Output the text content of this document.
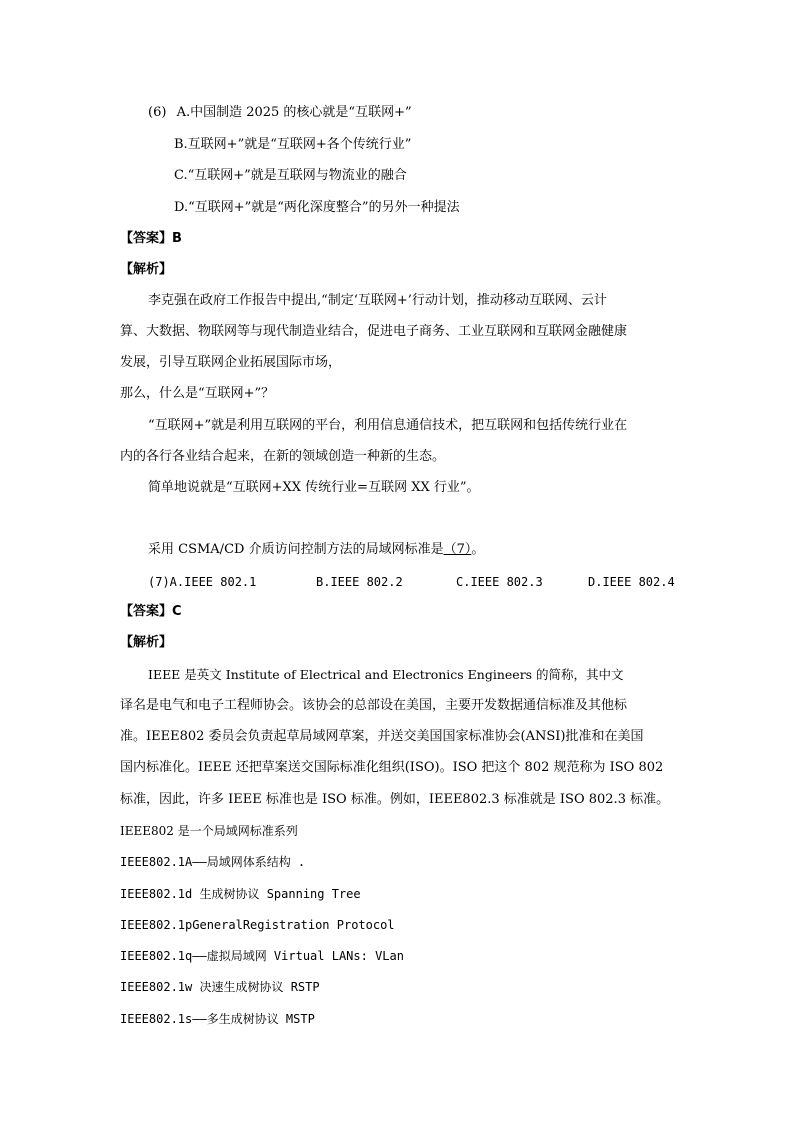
(6) A.中国制造 2025 的核心就是“互联网+”
B.互联网+”就是“互联网+各个传统行业”
C.“互联网+”就是互联网与物流业的融合
D.“互联网+”就是“两化深度整合”的另外一种提法
【答案】B
【解析】
李克强在政府工作报告中提出,“制定‘互联网+’行动计划，推动移动互联网、云计
算、大数据、物联网等与现代制造业结合，促进电子商务、工业互联网和互联网金融健康
发展，引导互联网企业拓展国际市场，
那么，什么是“互联网+”？
“互联网+”就是利用互联网的平台，利用信息通信技术，把互联网和包括传统行业在
内的各行各业结合起来，在新的领域创造一种新的生态。
简单地说就是“互联网+XX 传统行业=互联网 XX 行业”。
采用 CSMA/CD 介质访问控制方法的局域网标准是（7）。
(7)A.IEEE 802.1	B.IEEE 802.2	C.IEEE 802.3	D.IEEE 802.4
【答案】C
【解析】
IEEE 是英文 Institute of Electrical and Electronics Engineers 的简称，其中文
译名是电气和电子工程师协会。该协会的总部设在美国，主要开发数据通信标准及其他标
准。IEEE802 委员会负责起草局域网草案，并送交美国国家标准协会(ANSI)批准和在美国
国内标准化。IEEE 还把草案送交国际标准化组织(ISO)。ISO 把这个 802 规范称为 ISO 802
标准，因此，许多 IEEE 标准也是 ISO 标准。例如，IEEE802.3 标准就是 ISO 802.3 标准。
IEEE802 是一个局域网标准系列
IEEE802.1A——局域网体系结构 .
IEEE802.1d 生成树协议 Spanning Tree
IEEE802.1pGeneralRegistration Protocol
IEEE802.1q——虚拟局域网 Virtual LANs: VLan
IEEE802.1w 决速生成树协议 RSTP
IEEE802.1s——多生成树协议 MSTP
